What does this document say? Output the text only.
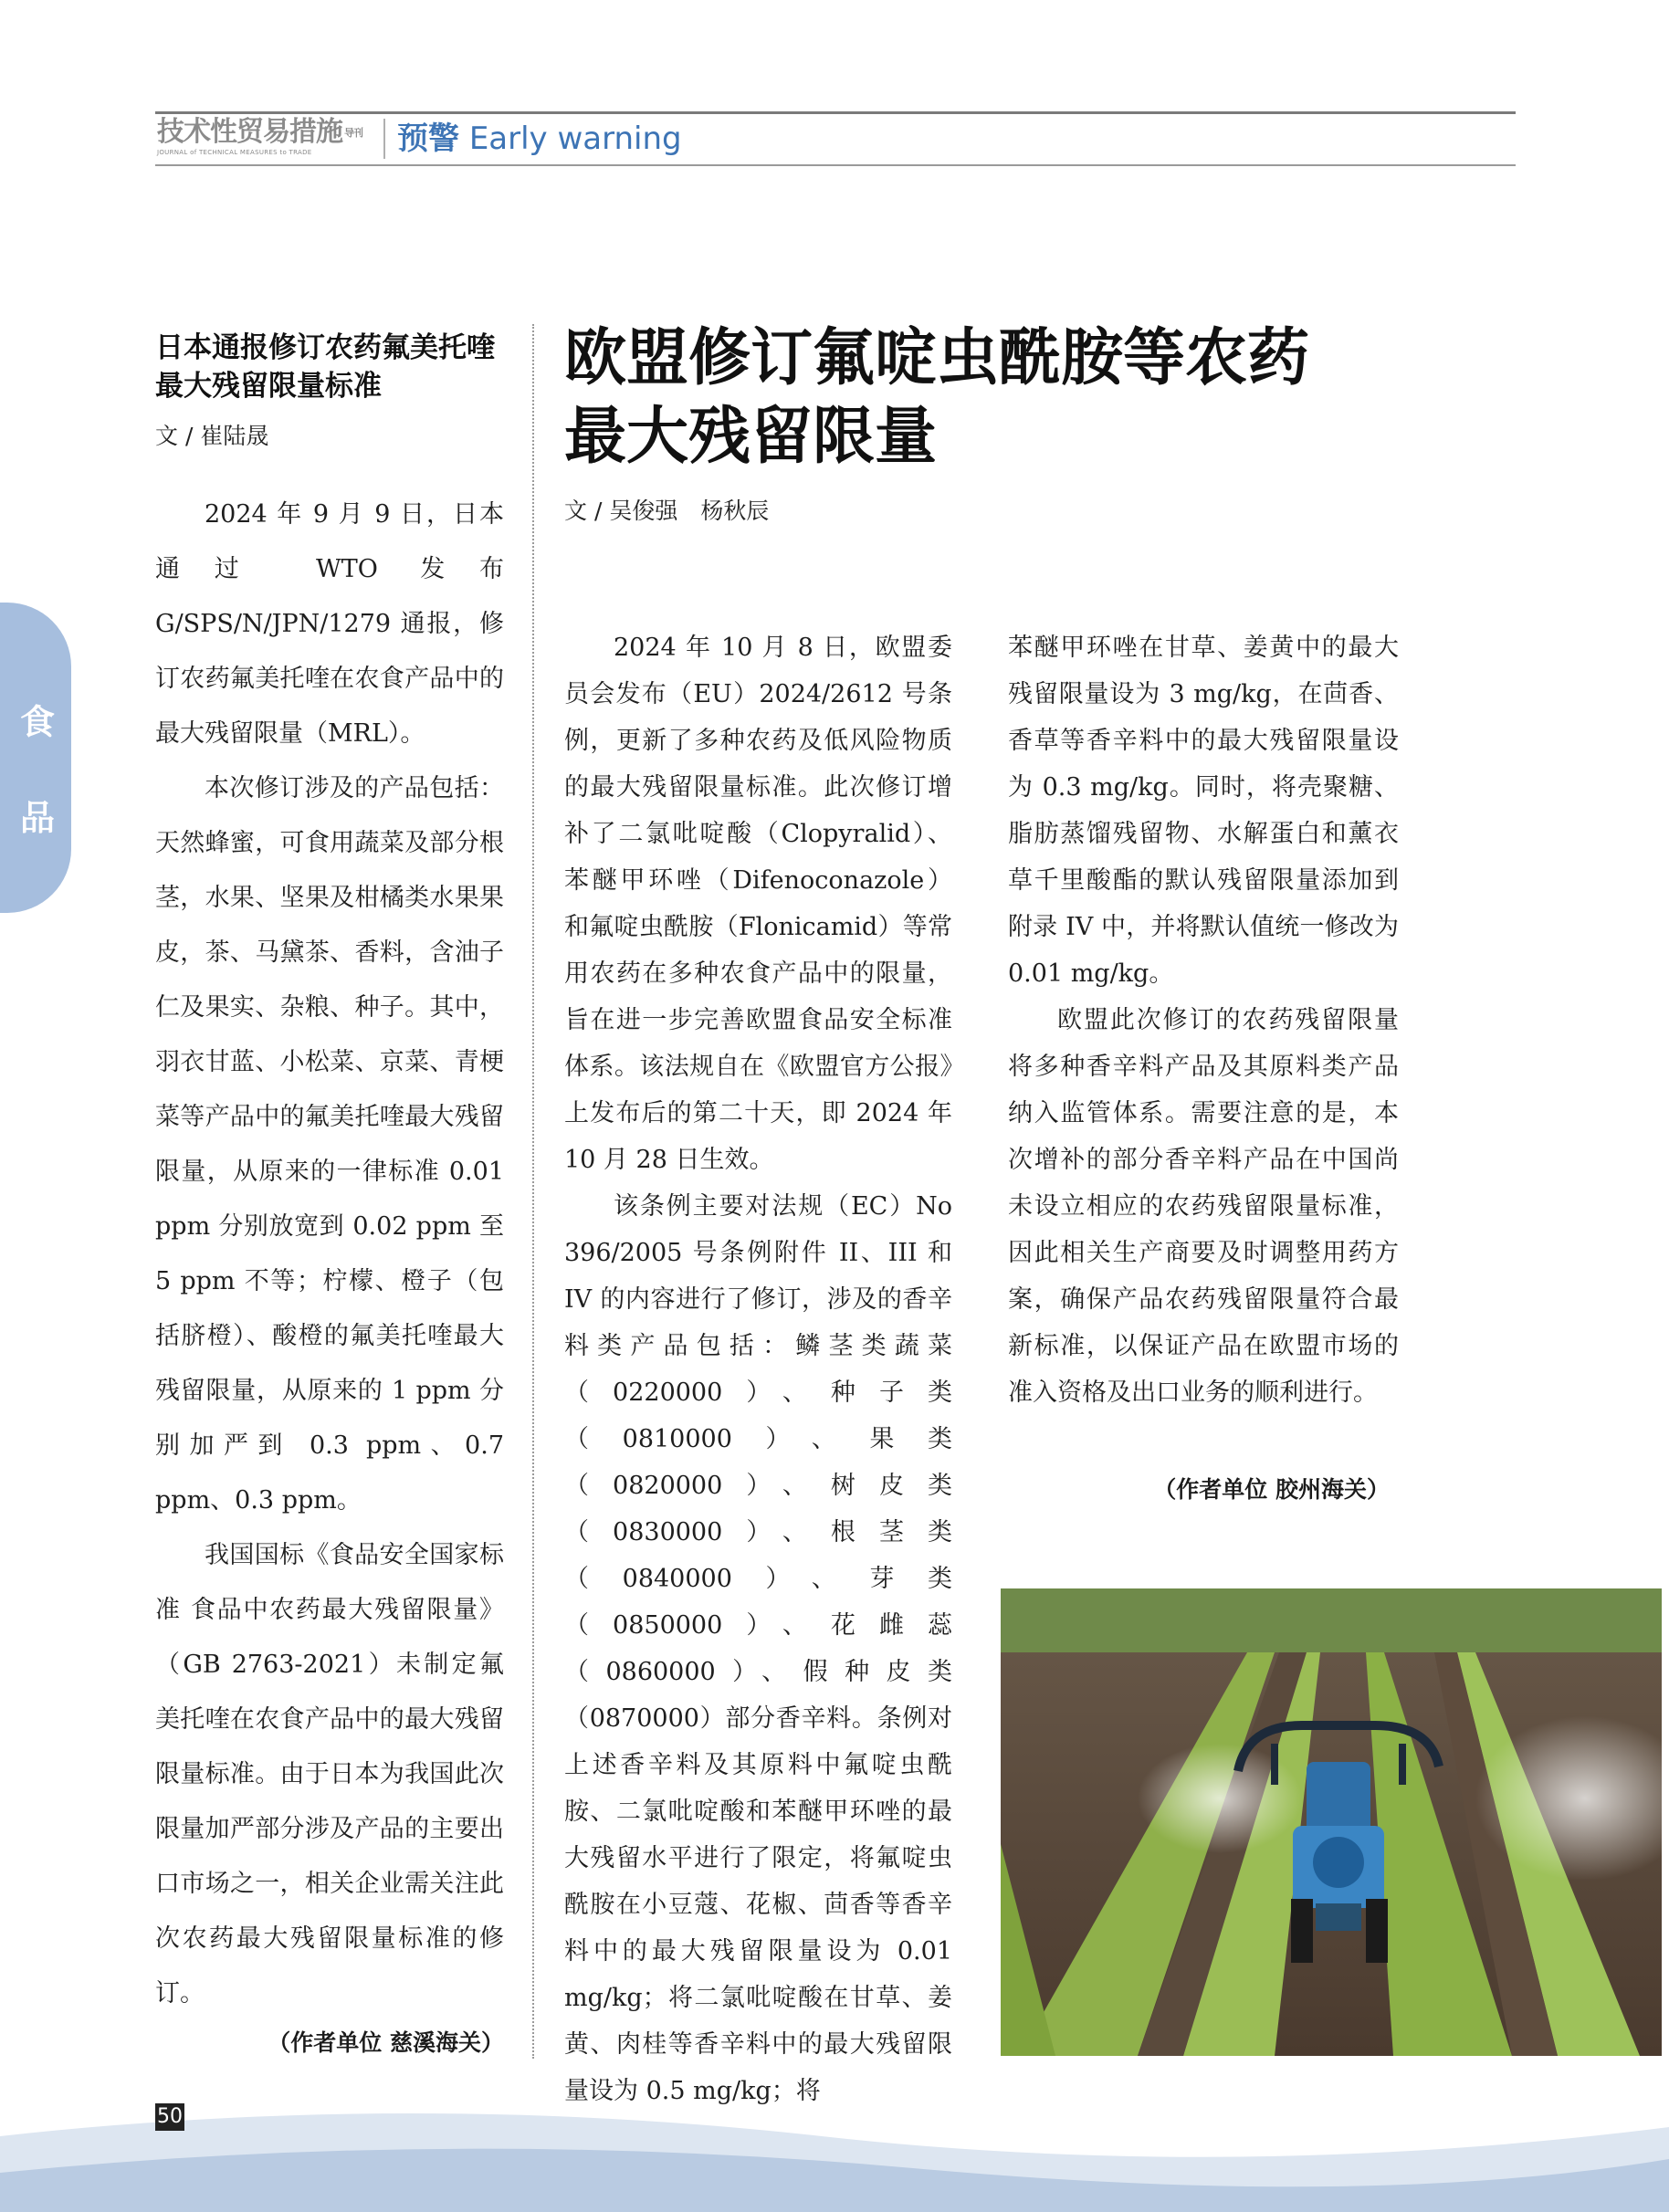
技术性贸易措施 导刊
JOURNAL of TECHNICAL MEASURES to TRADE	预警 Early warning
食
品
日本通报修订农药氟美托喹最大残留限量标准
文 / 崔陆晟

2024 年 9 月 9 日，日本通过 WTO 发布 G/SPS/N/JPN/1279 通报，修订农药氟美托喹在农食产品中的最大残留限量（MRL）。

本次修订涉及的产品包括：天然蜂蜜，可食用蔬菜及部分根茎，水果、坚果及柑橘类水果果皮，茶、马黛茶、香料，含油子仁及果实、杂粮、种子。其中，羽衣甘蓝、小松菜、京菜、青梗菜等产品中的氟美托喹最大残留限量，从原来的一律标准 0.01 ppm 分别放宽到 0.02 ppm 至 5 ppm 不等；柠檬、橙子（包括脐橙）、酸橙的氟美托喹最大残留限量，从原来的 1 ppm 分别加严到 0.3 ppm、0.7 ppm、0.3 ppm。

我国国标《食品安全国家标准 食品中农药最大残留限量》（GB 2763-2021）未制定氟美托喹在农食产品中的最大残留限量标准。由于日本为我国此次限量加严部分涉及产品的主要出口市场之一，相关企业需关注此次农药最大残留限量标准的修订。

（作者单位 慈溪海关）
欧盟修订氟啶虫酰胺等农药
最大残留限量
文 / 吴俊强　杨秋辰

2024 年 10 月 8 日，欧盟委员会发布（EU）2024/2612 号条例，更新了多种农药及低风险物质的最大残留限量标准。此次修订增补了二氯吡啶酸（Clopyralid）、苯醚甲环唑（Difenoconazole）和氟啶虫酰胺（Flonicamid）等常用农药在多种农食产品中的限量，旨在进一步完善欧盟食品安全标准体系。该法规自在《欧盟官方公报》上发布后的第二十天，即 2024 年 10 月 28 日生效。

该条例主要对法规（EC）No 396/2005 号条例附件 II、III 和 IV 的内容进行了修订，涉及的香辛料类产品包括：鳞茎类蔬菜（0220000）、种子类（0810000）、果类（0820000）、树皮类（0830000）、根茎类（0840000）、芽类（0850000）、花雌蕊（0860000）、假种皮类（0870000）部分香辛料。条例对上述香辛料及其原料中氟啶虫酰胺、二氯吡啶酸和苯醚甲环唑的最大残留水平进行了限定，将氟啶虫酰胺在小豆蔻、花椒、茴香等香辛料中的最大残留限量设为 0.01 mg/kg；将二氯吡啶酸在甘草、姜黄、肉桂等香辛料中的最大残留限量设为 0.5 mg/kg；将

苯醚甲环唑在甘草、姜黄中的最大残留限量设为 3 mg/kg，在茴香、香草等香辛料中的最大残留限量设为 0.3 mg/kg。同时，将壳聚糖、脂肪蒸馏残留物、水解蛋白和薰衣草千里酸酯的默认残留限量添加到附录 IV 中，并将默认值统一修改为 0.01 mg/kg。

欧盟此次修订的农药残留限量将多种香辛料产品及其原料类产品纳入监管体系。需要注意的是，本次增补的部分香辛料产品在中国尚未设立相应的农药残留限量标准，因此相关生产商要及时调整用药方案，确保产品农药残留限量符合最新标准，以保证产品在欧盟市场的准入资格及出口业务的顺利进行。

（作者单位 胶州海关）
50
